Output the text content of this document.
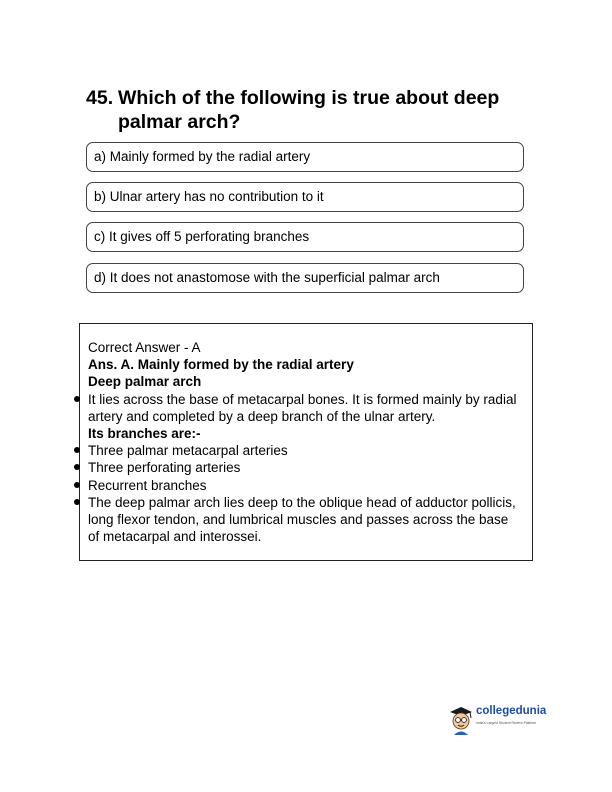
45. Which of the following is true about deep palmar arch?
a) Mainly formed by the radial artery
b) Ulnar artery has no contribution to it
c) It gives off 5 perforating branches
d) It does not anastomose with the superficial palmar arch
Correct Answer - A
Ans. A. Mainly formed by the radial artery
Deep palmar arch
It lies across the base of metacarpal bones. It is formed mainly by radial artery and completed by a deep branch of the ulnar artery.
Its branches are:-
Three palmar metacarpal arteries
Three perforating arteries
Recurrent branches
The deep palmar arch lies deep to the oblique head of adductor pollicis, long flexor tendon, and lumbrical muscles and passes across the base of metacarpal and interossei.
collegedunia
India's Largest Student Review Platform
